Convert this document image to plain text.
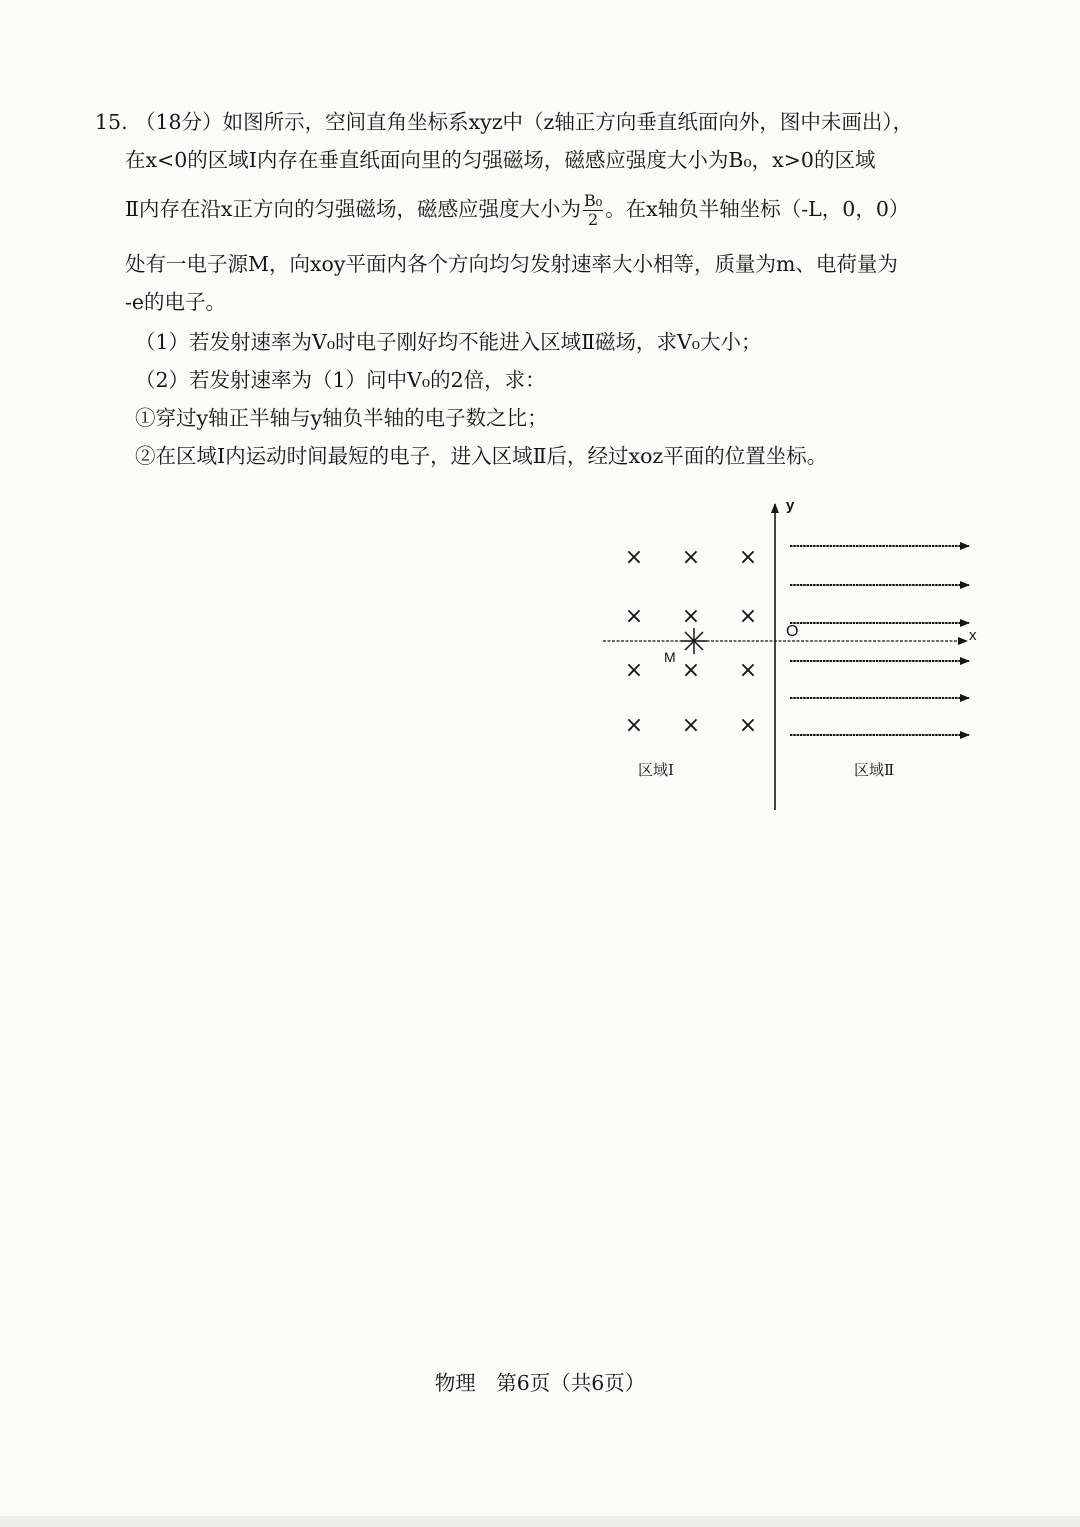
15. （18分）如图所示，空间直角坐标系xyz中（z轴正方向垂直纸面向外，图中未画出），
在x<0的区域Ⅰ内存在垂直纸面向里的匀强磁场，磁感应强度大小为B₀，x>0的区域
Ⅱ内存在沿x正方向的匀强磁场，磁感应强度大小为 $\frac{\text{B₀}}{2}$ 。在x轴负半轴坐标（-L，0，0）
处有一电子源M，向xoy平面内各个方向均匀发射速率大小相等，质量为m、电荷量为
-e的电子。
（1）若发射速率为V₀时电子刚好均不能进入区域Ⅱ磁场，求V₀大小；
（2）若发射速率为（1）问中V₀的2倍，求：
①穿过y轴正半轴与y轴负半轴的电子数之比；
②在区域Ⅰ内运动时间最短的电子，进入区域Ⅱ后，经过xoz平面的位置坐标。
y
x
O
× × ×
× × ×
× × ×
× × ×
M
区域Ⅰ	区域Ⅱ
物理　第6页（共6页）
